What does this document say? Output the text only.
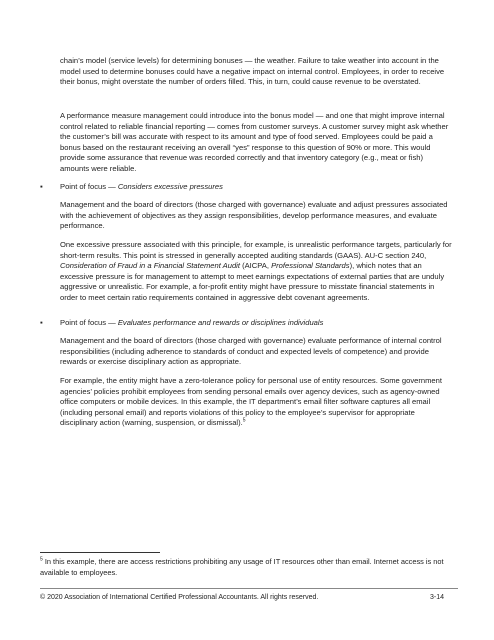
chain’s model (service levels) for determining bonuses — the weather. Failure to take weather into account in the model used to determine bonuses could have a negative impact on internal control. Employees, in order to receive their bonus, might overstate the number of orders filled. This, in turn, could cause revenue to be overstated.

A performance measure management could introduce into the bonus model — and one that might improve internal control related to reliable financial reporting — comes from customer surveys. A customer survey might ask whether the customer’s bill was accurate with respect to its amount and type of food served. Employees could be paid a bonus based on the restaurant receiving an overall “yes” response to this question of 90% or more. This would provide some assurance that revenue was recorded correctly and that inventory category (e.g., meat or fish) amounts were reliable.

▪ Point of focus — Considers excessive pressures

Management and the board of directors (those charged with governance) evaluate and adjust pressures associated with the achievement of objectives as they assign responsibilities, develop performance measures, and evaluate performance.

One excessive pressure associated with this principle, for example, is unrealistic performance targets, particularly for short-term results. This point is stressed in generally accepted auditing standards (GAAS). AU-C section 240, Consideration of Fraud in a Financial Statement Audit (AICPA, Professional Standards), which notes that an excessive pressure is for management to attempt to meet earnings expectations of external parties that are unduly aggressive or unrealistic. For example, a for-profit entity might have pressure to misstate financial statements in order to meet certain ratio requirements contained in aggressive debt covenant agreements.

▪ Point of focus — Evaluates performance and rewards or disciplines individuals

Management and the board of directors (those charged with governance) evaluate performance of internal control responsibilities (including adherence to standards of conduct and expected levels of competence) and provide rewards or exercise disciplinary action as appropriate.

For example, the entity might have a zero-tolerance policy for personal use of entity resources. Some government agencies’ policies prohibit employees from sending personal emails over agency devices, such as agency-owned office computers or mobile devices. In this example, the IT department’s email filter software captures all email (including personal email) and reports violations of this policy to the employee’s supervisor for appropriate disciplinary action (warning, suspension, or dismissal).$^5$

$^5$ In this example, there are access restrictions prohibiting any usage of IT resources other than email. Internet access is not available to employees.

© 2020 Association of International Certified Professional Accountants. All rights reserved.	3-14
